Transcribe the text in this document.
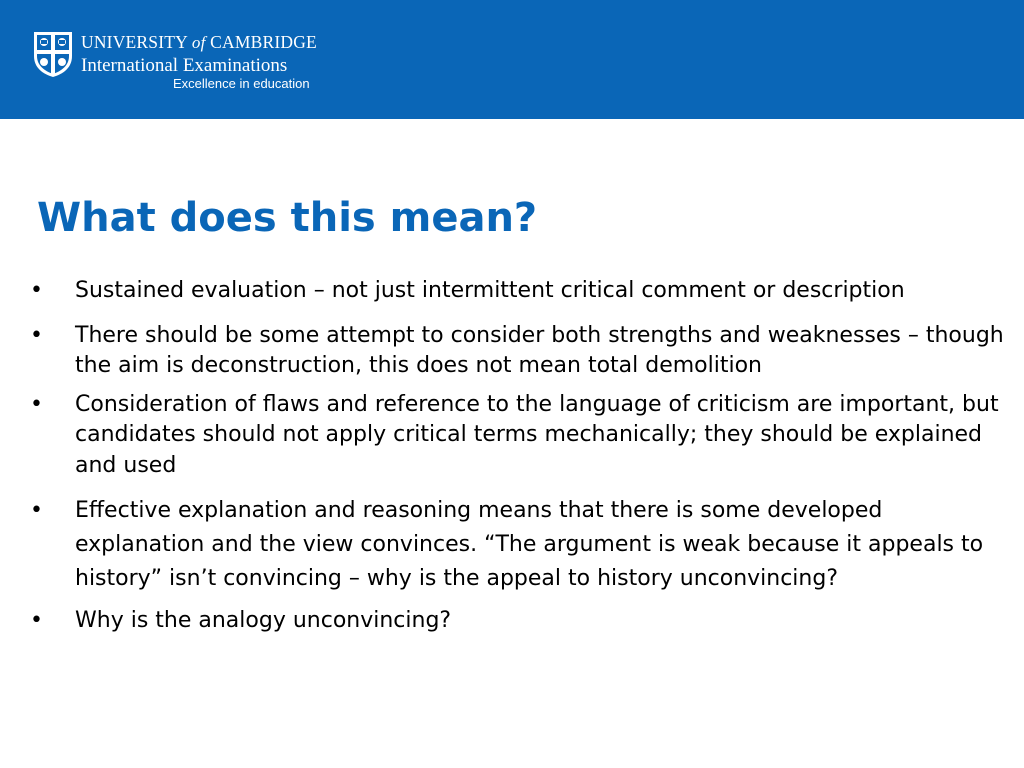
UNIVERSITY of CAMBRIDGE
International Examinations
Excellence in education
What does this mean?
•	Sustained evaluation – not just intermittent critical comment or description
•	There should be some attempt to consider both strengths and weaknesses – though the aim is deconstruction, this does not mean total demolition
•	Consideration of flaws and reference to the language of criticism are important, but candidates should not apply critical terms mechanically; they should be explained and used
•	Effective explanation and reasoning means that there is some developed explanation and the view convinces. “The argument is weak because it appeals to history” isn’t convincing – why is the appeal to history unconvincing?
•	Why is the analogy unconvincing?
